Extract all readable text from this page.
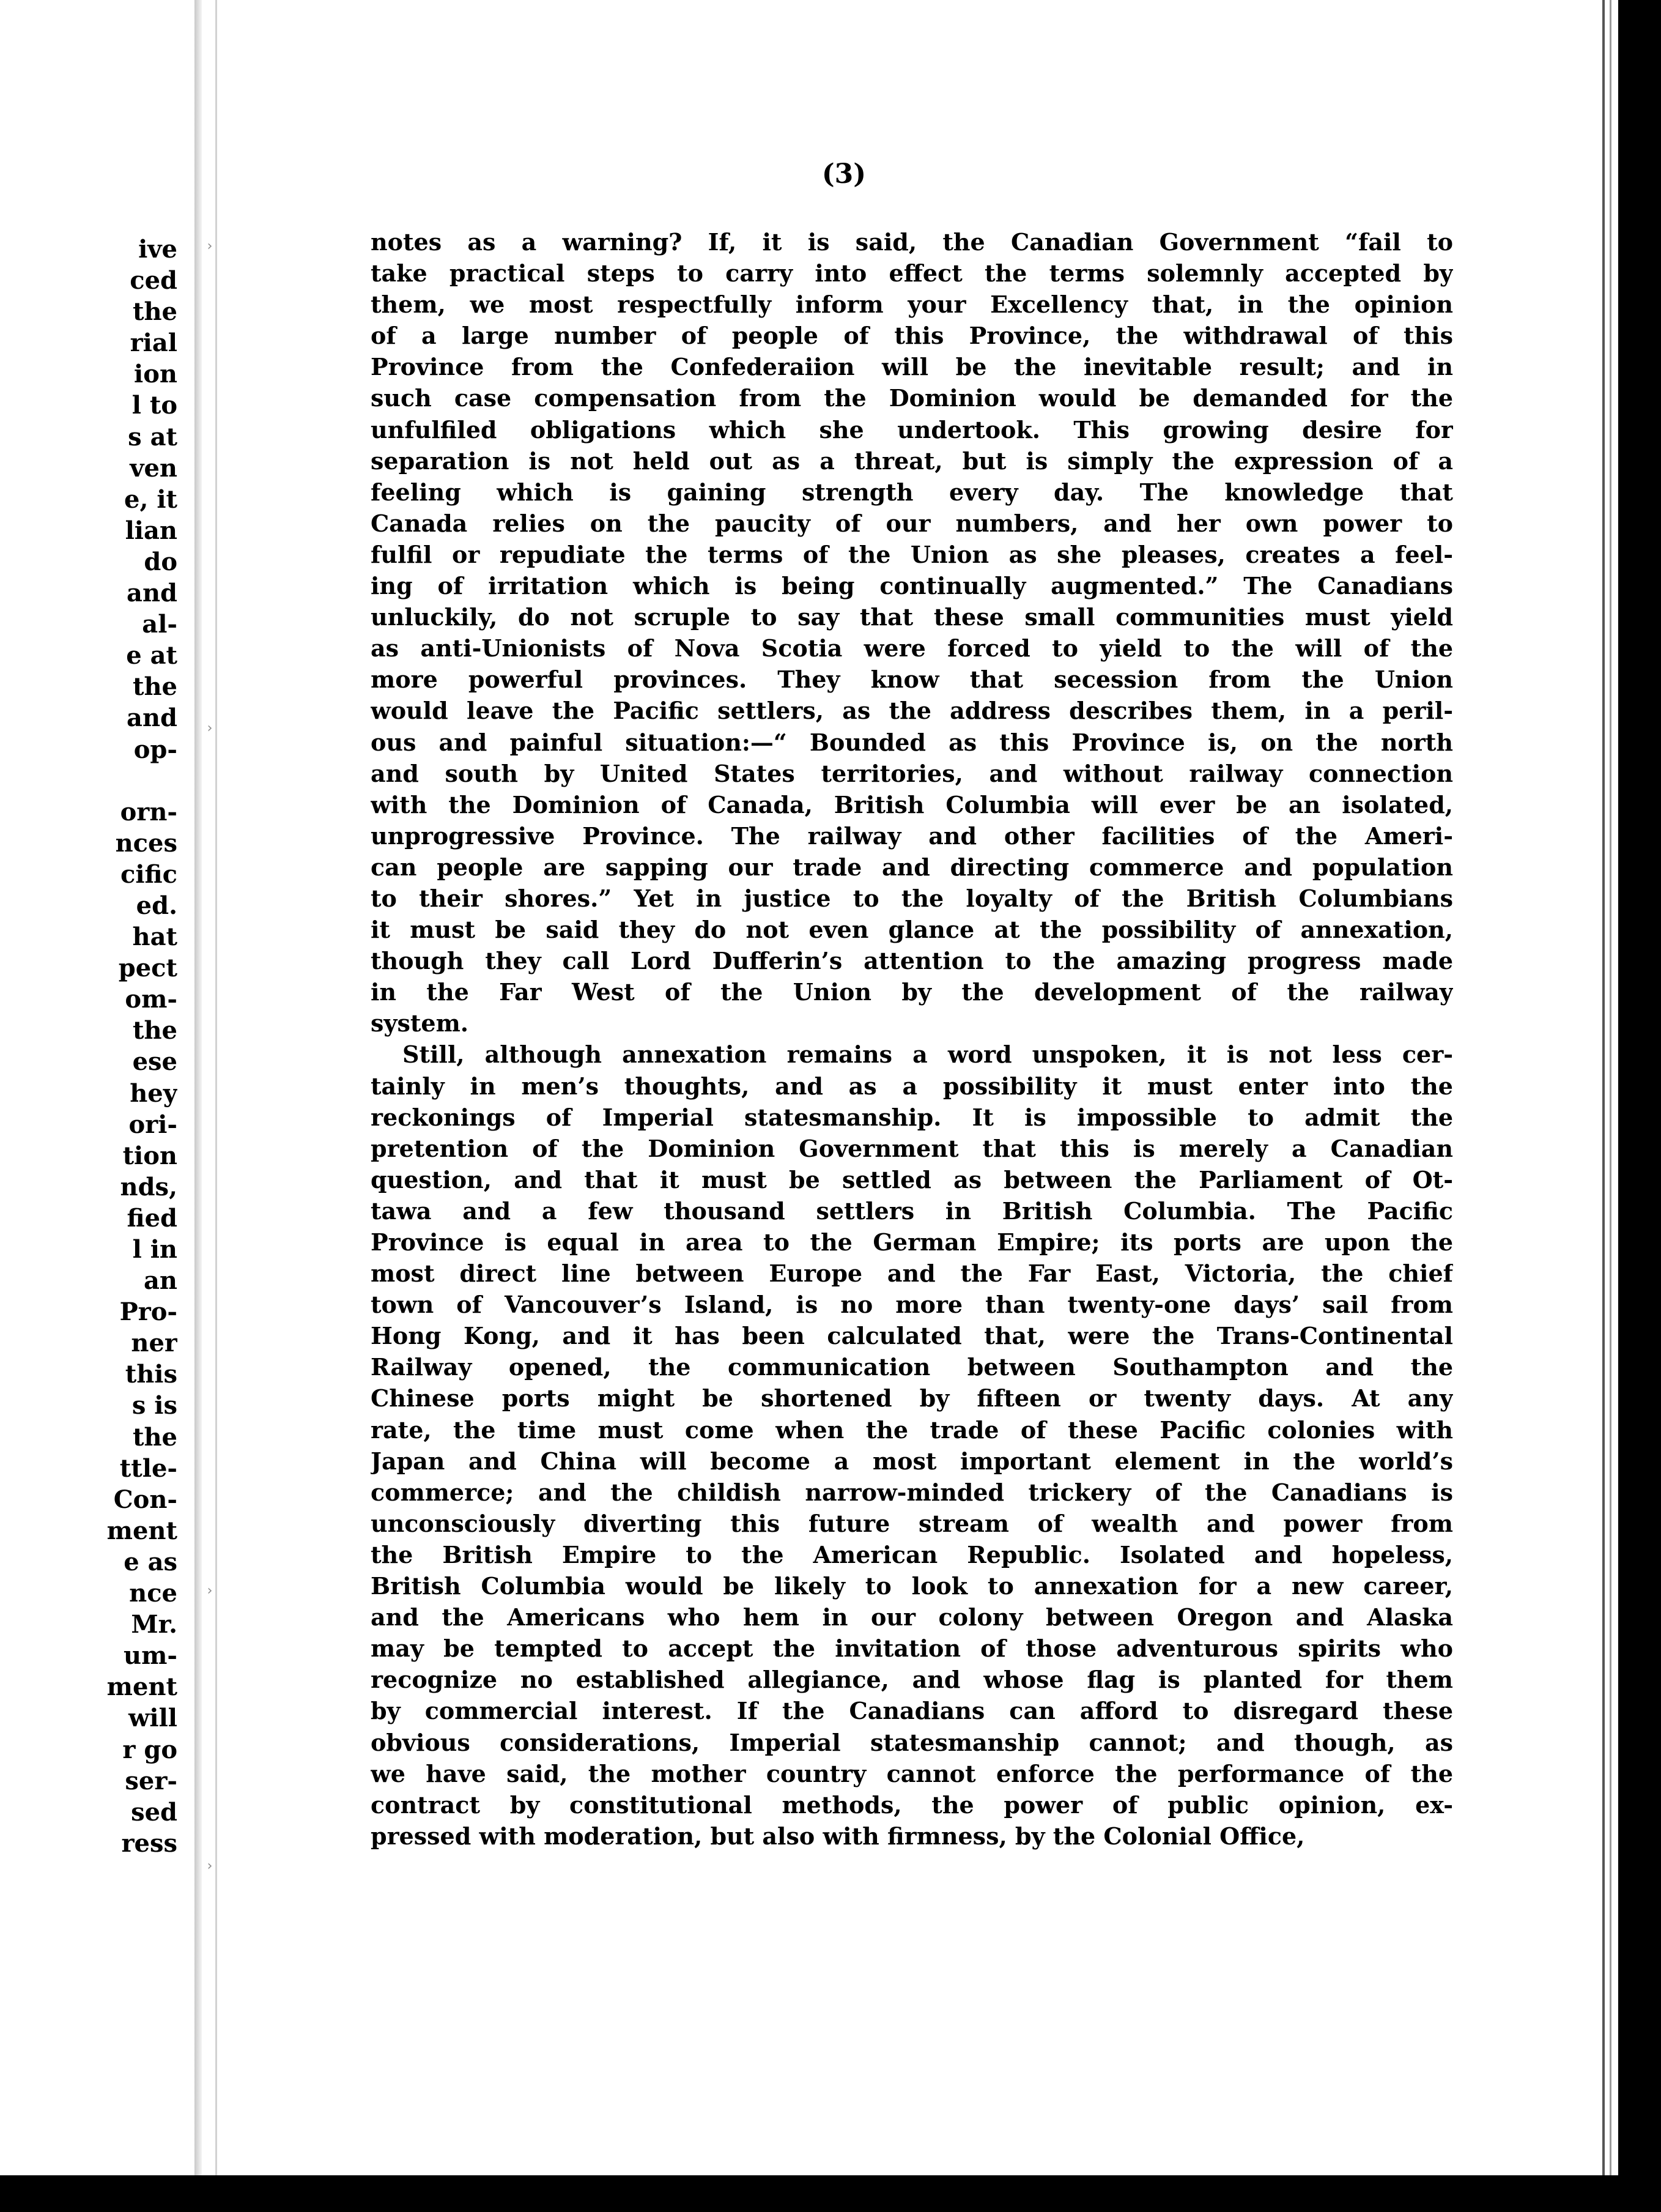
ive
ced
the
rial
ion
l to
s at
ven
e, it
lian
do
and
al-
e at
the
and
op-
orn-
nces
cific
ed.
hat
pect
om-
the
ese
hey
ori-
tion
nds,
fied
l in
an
Pro-
ner
this
s is
the
ttle-
Con-
ment
e as
nce
Mr.
um-
ment
will
r go
ser-
sed
ress
›
›
›
›
(3)
notes as a warning? If, it is said, the Canadian Government “fail to
take practical steps to carry into effect the terms solemnly accepted by
them, we most respectfully inform your Excellency that, in the opinion
of a large number of people of this Province, the withdrawal of this
Province from the Confederaiion will be the inevitable result; and in
such case compensation from the Dominion would be demanded for the
unfulfiled obligations which she undertook. This growing desire for
separation is not held out as a threat, but is simply the expression of a
feeling which is gaining strength every day. The knowledge that
Canada relies on the paucity of our numbers, and her own power to
fulfil or repudiate the terms of the Union as she pleases, creates a feel-
ing of irritation which is being continually augmented.” The Canadians
unluckily, do not scruple to say that these small communities must yield
as anti-Unionists of Nova Scotia were forced to yield to the will of the
more powerful provinces. They know that secession from the Union
would leave the Pacific settlers, as the address describes them, in a peril-
ous and painful situation:—“ Bounded as this Province is, on the north
and south by United States territories, and without railway connection
with the Dominion of Canada, British Columbia will ever be an isolated,
unprogressive Province. The railway and other facilities of the Ameri-
can people are sapping our trade and directing commerce and population
to their shores.” Yet in justice to the loyalty of the British Columbians
it must be said they do not even glance at the possibility of annexation,
though they call Lord Dufferin’s attention to the amazing progress made
in the Far West of the Union by the development of the railway
system.
Still, although annexation remains a word unspoken, it is not less cer-
tainly in men’s thoughts, and as a possibility it must enter into the
reckonings of Imperial statesmanship. It is impossible to admit the
pretention of the Dominion Government that this is merely a Canadian
question, and that it must be settled as between the Parliament of Ot-
tawa and a few thousand settlers in British Columbia. The Pacific
Province is equal in area to the German Empire; its ports are upon the
most direct line between Europe and the Far East, Victoria, the chief
town of Vancouver’s Island, is no more than twenty-one days’ sail from
Hong Kong, and it has been calculated that, were the Trans-Continental
Railway opened, the communication between Southampton and the
Chinese ports might be shortened by fifteen or twenty days. At any
rate, the time must come when the trade of these Pacific colonies with
Japan and China will become a most important element in the world’s
commerce; and the childish narrow-minded trickery of the Canadians is
unconsciously diverting this future stream of wealth and power from
the British Empire to the American Republic. Isolated and hopeless,
British Columbia would be likely to look to annexation for a new career,
and the Americans who hem in our colony between Oregon and Alaska
may be tempted to accept the invitation of those adventurous spirits who
recognize no established allegiance, and whose flag is planted for them
by commercial interest. If the Canadians can afford to disregard these
obvious considerations, Imperial statesmanship cannot; and though, as
we have said, the mother country cannot enforce the performance of the
contract by constitutional methods, the power of public opinion, ex-
pressed with moderation, but also with firmness, by the Colonial Office,
